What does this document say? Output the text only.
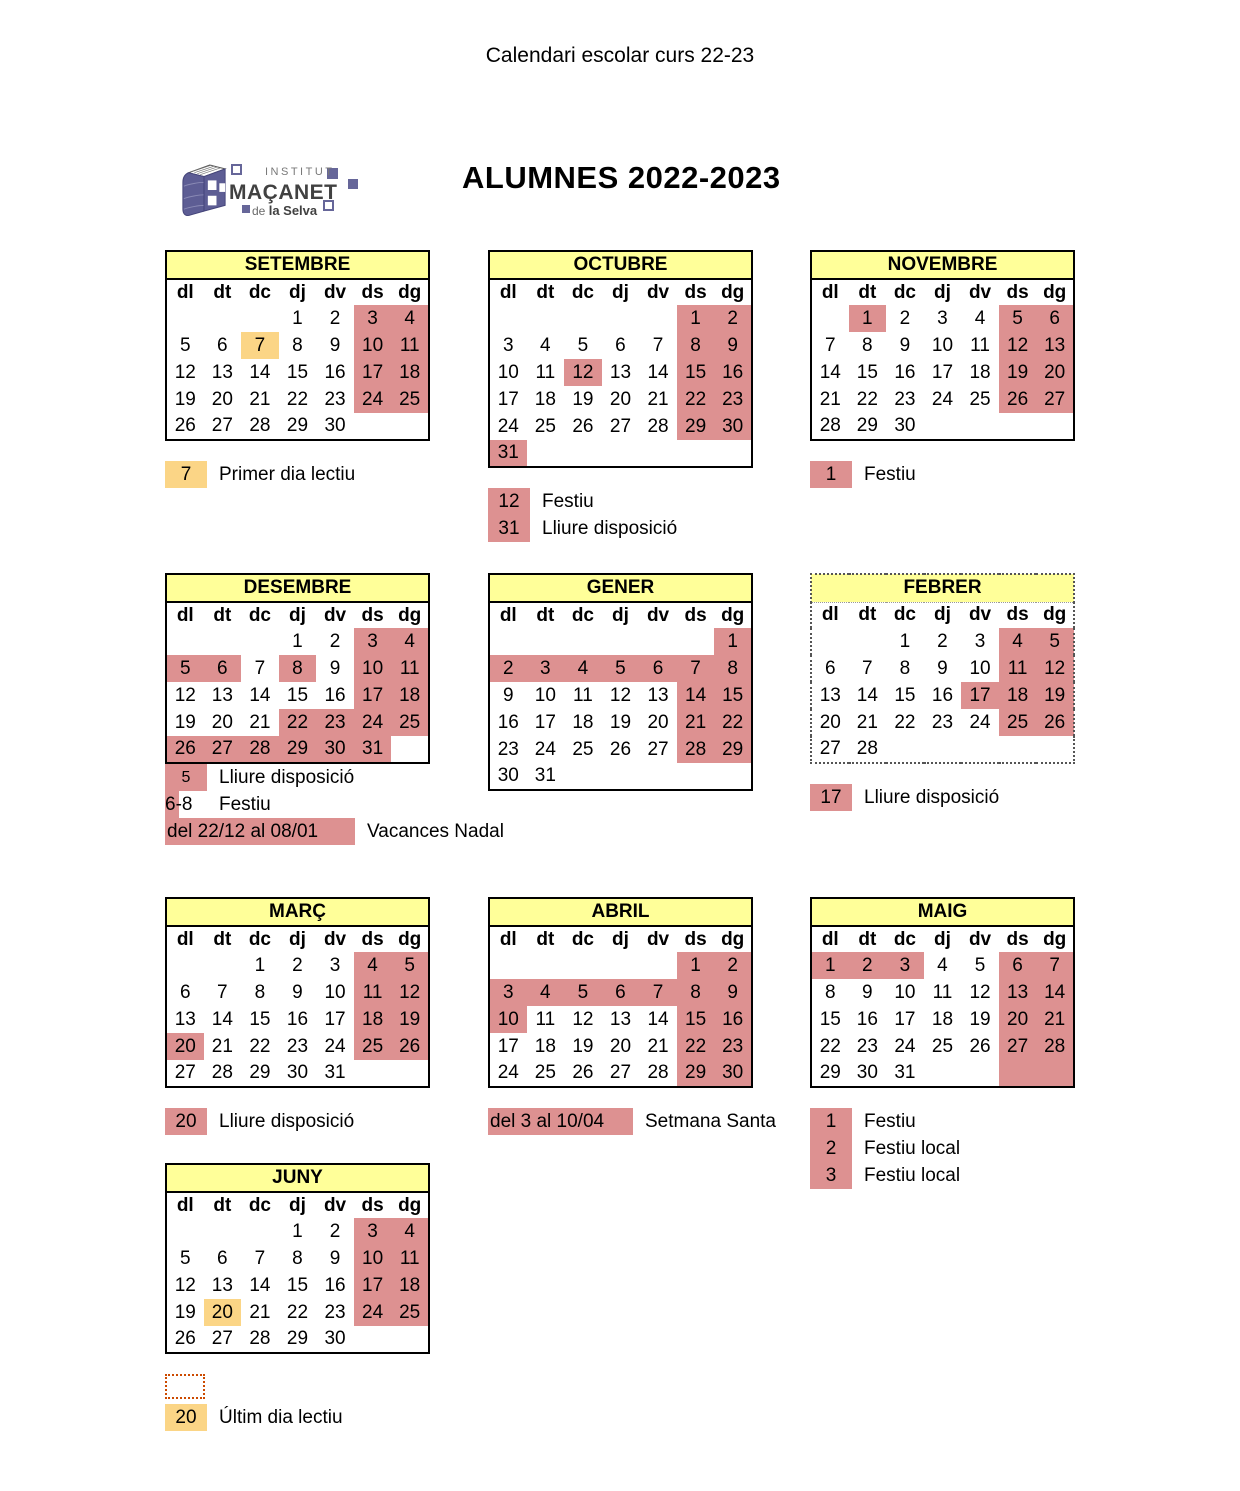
Calendari escolar curs 22-23
INSTITUT
MAÇANET
de la Selva
ALUMNES 2022-2023
SETEMBRE						
dl	dt	dc	dj	dv	ds	dg
			1	2	3	4
5	6	7	8	9	10	11
12	13	14	15	16	17	18
19	20	21	22	23	24	25
26	27	28	29	30		
7	Primer dia lectiu
OCTUBRE						
dl	dt	dc	dj	dv	ds	dg
					1	2
3	4	5	6	7	8	9
10	11	12	13	14	15	16
17	18	19	20	21	22	23
24	25	26	27	28	29	30
31						
12	Festiu
31	Lliure disposició
NOVEMBRE						
dl	dt	dc	dj	dv	ds	dg
	1	2	3	4	5	6
7	8	9	10	11	12	13
14	15	16	17	18	19	20
21	22	23	24	25	26	27
28	29	30				
1	Festiu
DESEMBRE						
dl	dt	dc	dj	dv	ds	dg
			1	2	3	4
5	6	7	8	9	10	11
12	13	14	15	16	17	18
19	20	21	22	23	24	25
26	27	28	29	30	31	
5	Lliure disposició
6-8	Festiu
del 22/12 al 08/01	Vacances Nadal
GENER						
dl	dt	dc	dj	dv	ds	dg
						1
2	3	4	5	6	7	8
9	10	11	12	13	14	15
16	17	18	19	20	21	22
23	24	25	26	27	28	29
30	31					
FEBRER						
dl	dt	dc	dj	dv	ds	dg
		1	2	3	4	5
6	7	8	9	10	11	12
13	14	15	16	17	18	19
20	21	22	23	24	25	26
27	28					
17	Lliure disposició
MARÇ						
dl	dt	dc	dj	dv	ds	dg
		1	2	3	4	5
6	7	8	9	10	11	12
13	14	15	16	17	18	19
20	21	22	23	24	25	26
27	28	29	30	31		
20	Lliure disposició
ABRIL						
dl	dt	dc	dj	dv	ds	dg
					1	2
3	4	5	6	7	8	9
10	11	12	13	14	15	16
17	18	19	20	21	22	23
24	25	26	27	28	29	30
del 3 al 10/04	Setmana Santa
MAIG						
dl	dt	dc	dj	dv	ds	dg
1	2	3	4	5	6	7
8	9	10	11	12	13	14
15	16	17	18	19	20	21
22	23	24	25	26	27	28
29	30	31				
1	Festiu
2	Festiu local
3	Festiu local
JUNY						
dl	dt	dc	dj	dv	ds	dg
			1	2	3	4
5	6	7	8	9	10	11
12	13	14	15	16	17	18
19	20	21	22	23	24	25
26	27	28	29	30		
20	Últim dia lectiu
